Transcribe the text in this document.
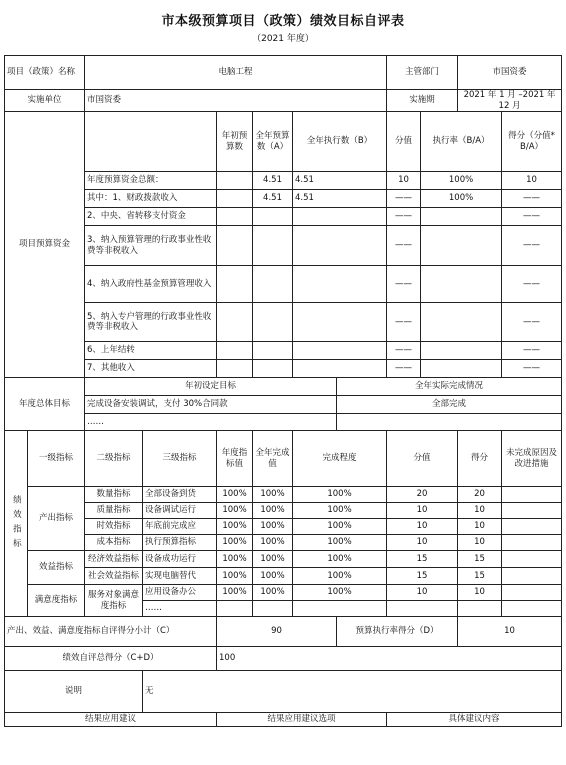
市本级预算项目（政策）绩效目标自评表
（2021 年度）
项目（政策）名称		电脑工程						主管部门		市国资委	
实施单位		市国资委						实施期		2021 年 1 月 –2021 年 12 月	
项目预算资金				年初预算数	全年预算数（A）	全年执行数（B）		分值	执行率（B/A）		得分（分值*B/A）
		年度预算资金总额：			4.51	4.51		10	100%		10
		其中：1、财政拨款收入			4.51	4.51		——	100%		——
		2、中央、省转移支付资金						——			——
		3、纳入预算管理的行政事业性收费等非税收入						——			——
		4、纳入政府性基金预算管理收入						——			——
		5、纳入专户管理的行政事业性收费等非税收入						——			——
		6、上年结转						——			——
		7、其他收入						——			——
年度总体目标		年初设定目标					全年实际完成情况				
		完成设备安装调试，支付 30%合同款					全部完成				
		……									
绩效指标	一级指标	二级指标	三级指标	年度指标值	全年完成值	完成程度		分值		得分	未完成原因及改进措施
	产出指标	数量指标	全部设备到货	100%	100%	100%		20		20	
		质量指标	设备调试运行	100%	100%	100%		10		10	
		时效指标	年底前完成应	100%	100%	100%		10		10	
		成本指标	执行预算指标	100%	100%	100%		10		10	
	效益指标	经济效益指标	设备成功运行	100%	100%	100%		15		15	
		社会效益指标	实现电脑替代	100%	100%	100%		15		15	
	满意度指标	服务对象满意度指标	应用设备办公	100%	100%	100%		10		10	
			……								
产出、效益、满意度指标自评得分小计（C）				90			预算执行率得分（D）			10	
绩效自评总得分（C+D）				100							
说明			无								
结果应用建议				结果应用建议选项				具体建议内容			
